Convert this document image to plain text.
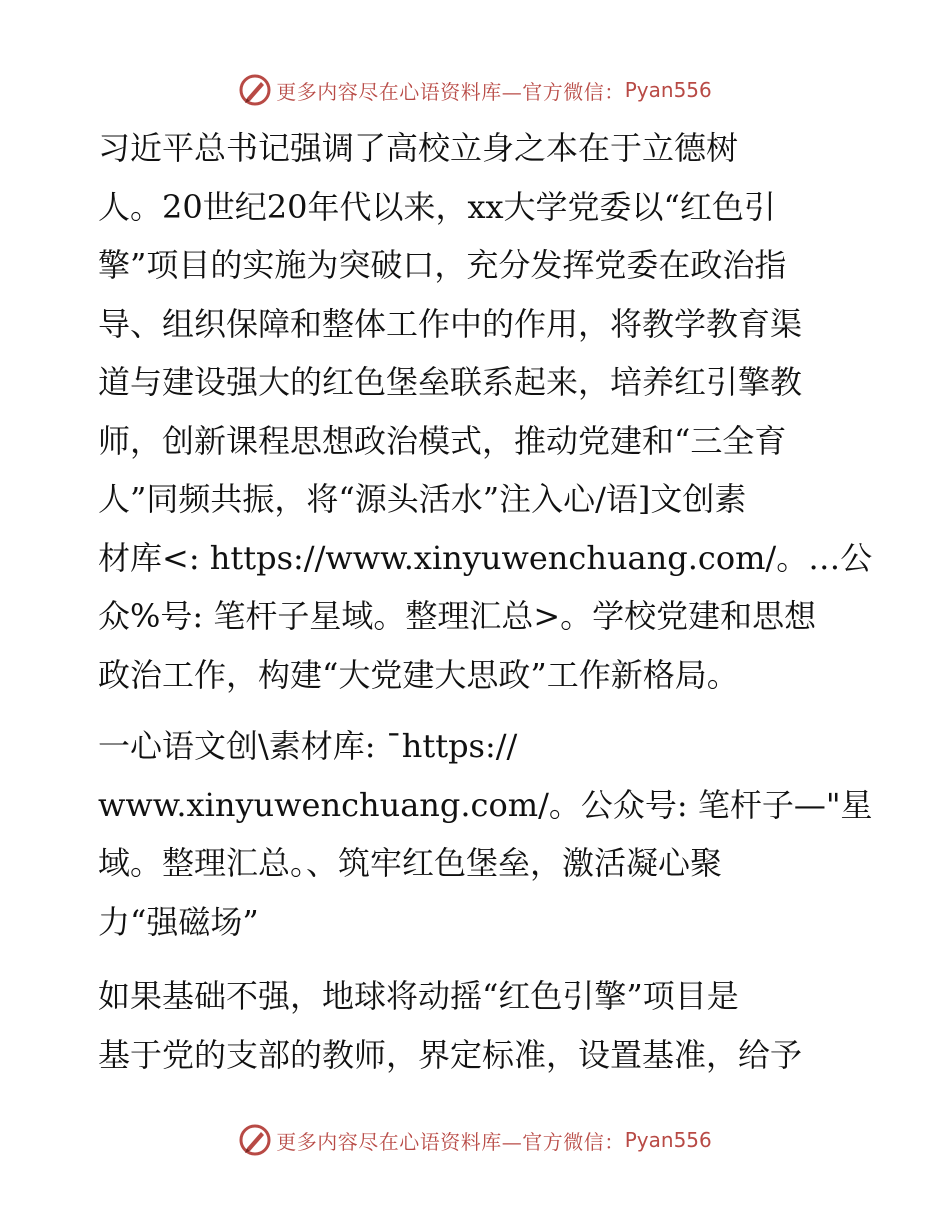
更多内容尽在心语资料库—官方微信： Pyan556
习近平总书记强调了高校立身之本在于立德树
人。20世纪20年代以来，xx大学党委以“红色引
擎”项目的实施为突破口，充分发挥党委在政治指
导、组织保障和整体工作中的作用，将教学教育渠
道与建设强大的红色堡垒联系起来，培养红引擎教
师，创新课程思想政治模式，推动党建和“三全育
人”同频共振，将“源头活水”注入心/语]文创素
材库<: https://www.xinyuwenchuang.com/。…公
众%号: 笔杆子星域。整理汇总>。学校党建和思想
政治工作，构建“大党建大思政”工作新格局。
一心语文创\素材库: ¯https://
www.xinyuwenchuang.com/。公众号: 笔杆子—"星
域。整理汇总。、筑牢红色堡垒，激活凝心聚
力“强磁场”
如果基础不强，地球将动摇“红色引擎”项目是
基于党的支部的教师，界定标准，设置基准，给予
更多内容尽在心语资料库—官方微信： Pyan556
